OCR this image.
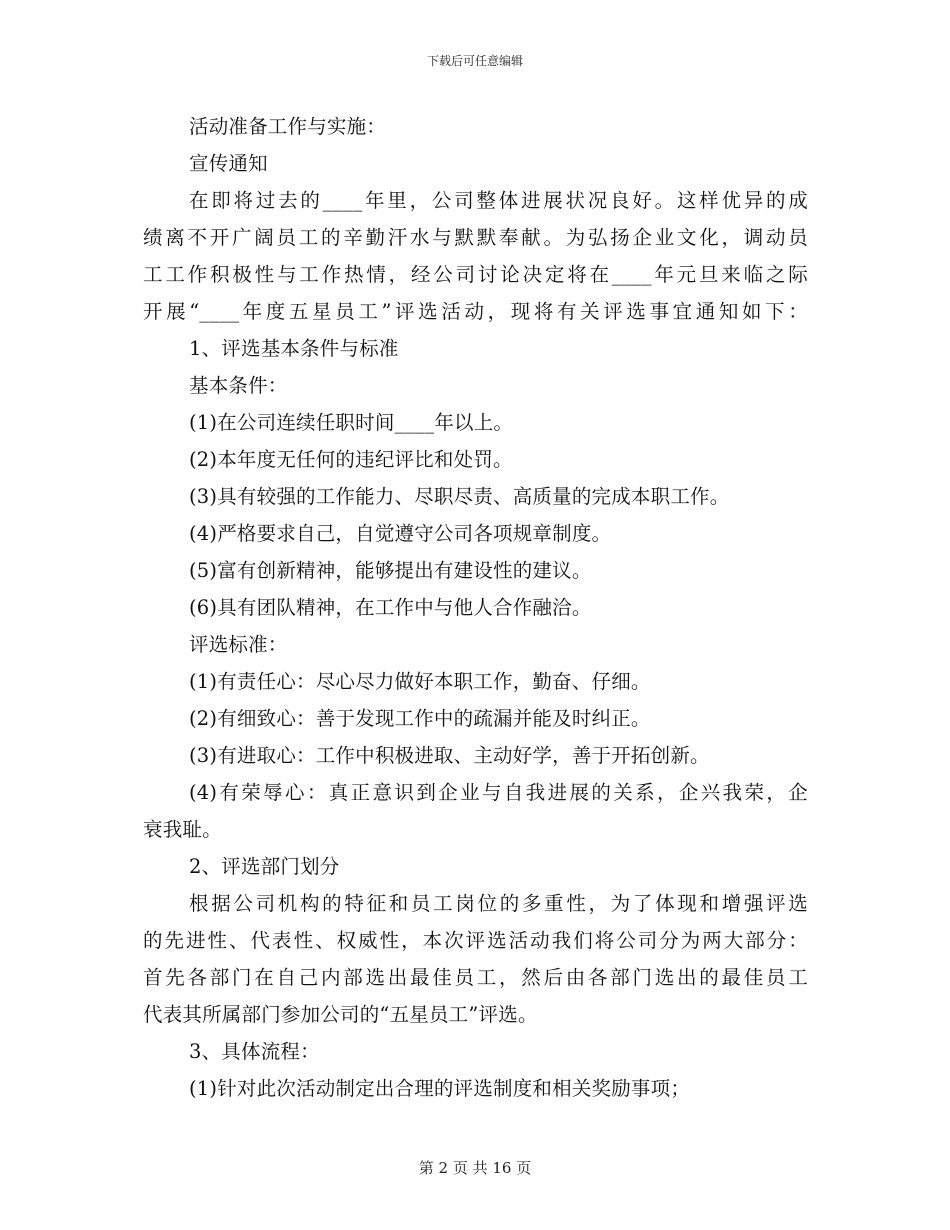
下载后可任意编辑
活动准备工作与实施：
宣传通知
在即将过去的____年里，公司整体进展状况良好。这样优异的成
绩离不开广阔员工的辛勤汗水与默默奉献。为弘扬企业文化，调动员
工工作积极性与工作热情，经公司讨论决定将在____年元旦来临之际
开展“____年度五星员工”评选活动，现将有关评选事宜通知如下：
1、评选基本条件与标准
基本条件：
(1)在公司连续任职时间____年以上。
(2)本年度无任何的违纪评比和处罚。
(3)具有较强的工作能力、尽职尽责、高质量的完成本职工作。
(4)严格要求自己，自觉遵守公司各项规章制度。
(5)富有创新精神，能够提出有建设性的建议。
(6)具有团队精神，在工作中与他人合作融洽。
评选标准：
(1)有责任心：尽心尽力做好本职工作，勤奋、仔细。
(2)有细致心：善于发现工作中的疏漏并能及时纠正。
(3)有进取心：工作中积极进取、主动好学，善于开拓创新。
(4)有荣辱心：真正意识到企业与自我进展的关系，企兴我荣，企
衰我耻。
2、评选部门划分
根据公司机构的特征和员工岗位的多重性，为了体现和增强评选
的先进性、代表性、权威性，本次评选活动我们将公司分为两大部分：
首先各部门在自己内部选出最佳员工，然后由各部门选出的最佳员工
代表其所属部门参加公司的“五星员工”评选。
3、具体流程：
(1)针对此次活动制定出合理的评选制度和相关奖励事项；
第 2 页 共 16 页
